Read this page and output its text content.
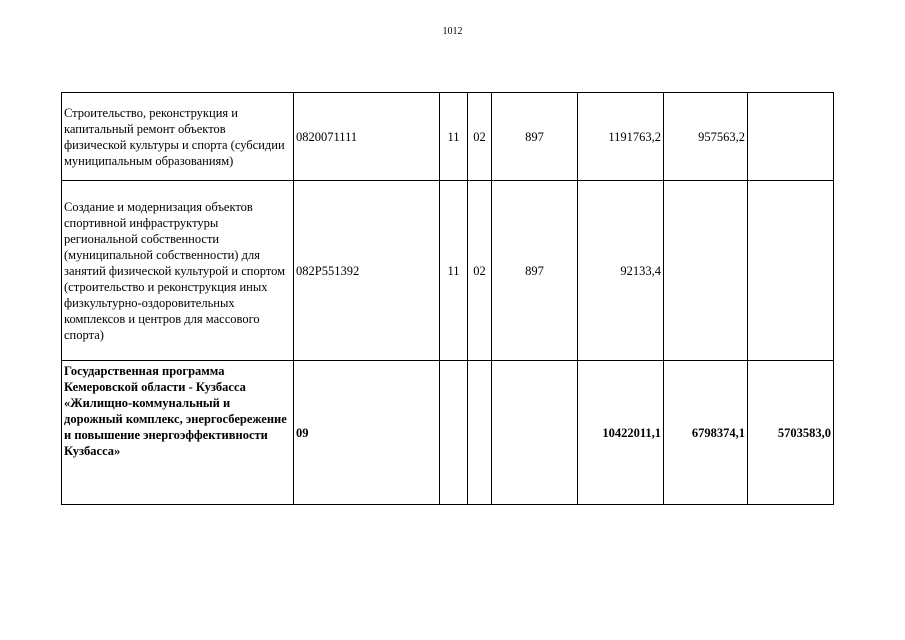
1012
Строительство, реконструкция и капитальный ремонт объектов физической культуры и спорта (субсидии муниципальным образованиям)	0820071111	11	02	897	1191763,2	957563,2	
Создание и модернизация объектов спортивной инфраструктуры региональной собственности (муниципальной собственности) для занятий физической культурой и спортом (строительство и реконструкция иных физкультурно-оздоровительных комплексов и центров для массового спорта)	082P551392	11	02	897	92133,4		
Государственная программа Кемеровской области - Кузбасса «Жилищно-коммунальный и дорожный комплекс, энергосбережение и повышение энергоэффективности Кузбасса»	09				10422011,1	6798374,1	5703583,0
